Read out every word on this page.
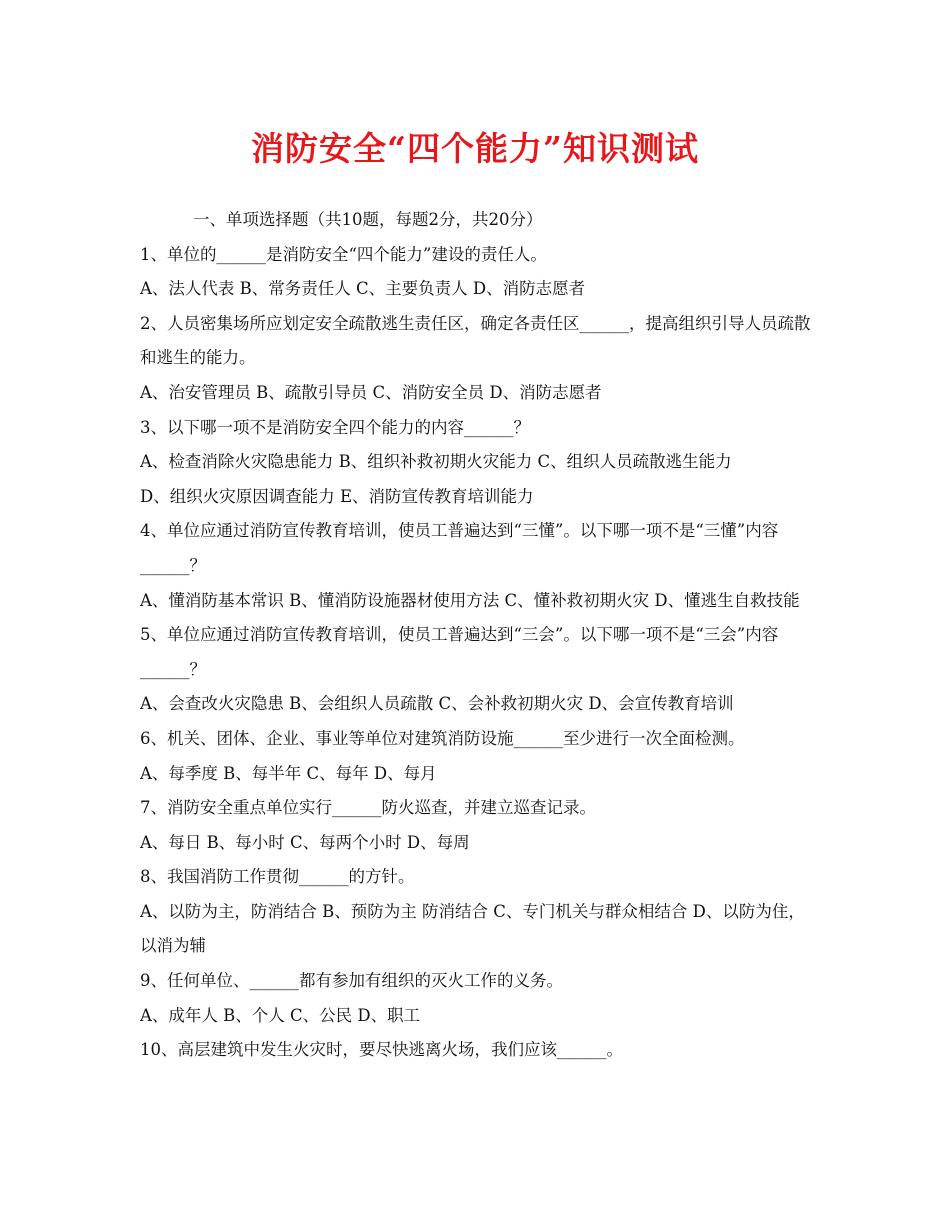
消防安全“四个能力”知识测试

一、单项选择题（共10题，每题2分，共20分）

1、单位的______是消防安全“四个能力”建设的责任人。

A、法人代表 B、常务责任人 C、主要负责人 D、消防志愿者

2、人员密集场所应划定安全疏散逃生责任区，确定各责任区______，提高组织引导人员疏散和逃生的能力。

A、治安管理员 B、疏散引导员 C、消防安全员 D、消防志愿者

3、以下哪一项不是消防安全四个能力的内容______？

A、检查消除火灾隐患能力 B、组织补救初期火灾能力 C、组织人员疏散逃生能力

D、组织火灾原因调查能力 E、消防宣传教育培训能力

4、单位应通过消防宣传教育培训，使员工普遍达到“三懂”。以下哪一项不是“三懂”内容______？

A、懂消防基本常识 B、懂消防设施器材使用方法 C、懂补救初期火灾 D、懂逃生自救技能

5、单位应通过消防宣传教育培训，使员工普遍达到“三会”。以下哪一项不是“三会”内容______？

A、会查改火灾隐患 B、会组织人员疏散 C、会补救初期火灾 D、会宣传教育培训

6、机关、团体、企业、事业等单位对建筑消防设施______至少进行一次全面检测。

A、每季度 B、每半年 C、每年 D、每月

7、消防安全重点单位实行______防火巡查，并建立巡查记录。

A、每日 B、每小时 C、每两个小时 D、每周

8、我国消防工作贯彻______的方针。

A、以防为主，防消结合 B、预防为主 防消结合 C、专门机关与群众相结合 D、以防为住，以消为辅

9、任何单位、______都有参加有组织的灭火工作的义务。

A、成年人 B、个人 C、公民 D、职工

10、高层建筑中发生火灾时，要尽快逃离火场，我们应该______。
